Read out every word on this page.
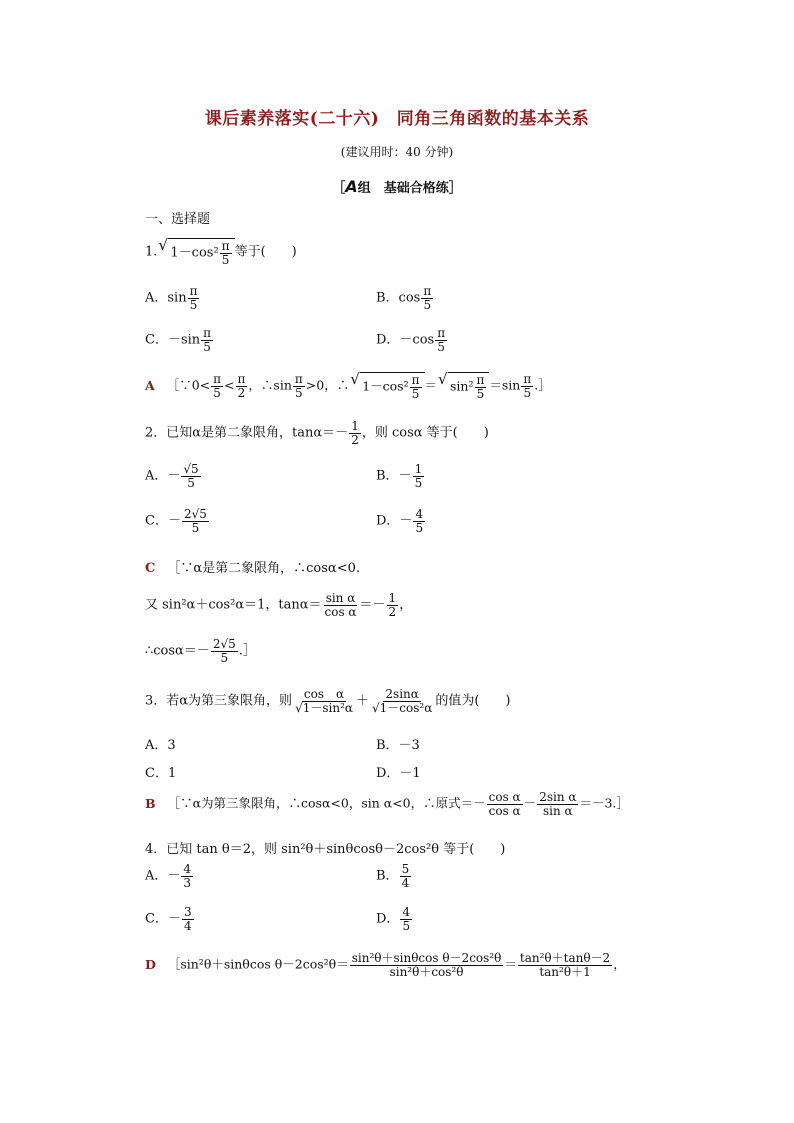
课后素养落实(二十六)　同角三角函数的基本关系
(建议用时：40 分钟)
［A组　基础合格练］
一、选择题
1. √ $1-\cos^2 \frac{\pi}{5}$ 等于(　　)
A．$\sin \frac{\pi}{5}$	B．$\cos \frac{\pi}{5}$
C．$-\sin \frac{\pi}{5}$	D．$-\cos \frac{\pi}{5}$
A ［∵0< $\frac{\pi}{5} < \frac{\pi}{2}$ ，∴sin $\frac{\pi}{5} >0$，∴ √ $1-\cos^2 \frac{\pi}{5}$ ＝ √ $\sin^2 \frac{\pi}{5} =\sin \frac{\pi}{5}$ .］
2．已知α是第二象限角，$\tan\alpha=- \frac{1}{2}$ ，则 cosα 等于(　　)
A．－ $\frac{√5}{5}$	B．－ $\frac{1}{5}$
C．－ $\frac{2√5}{5}$	D．－ $\frac{4}{5}$
C ［∵α是第二象限角，∴cosα<0.
又 sin²α＋cos²α＝1，$\tan\alpha= \frac{\text{sin α}}{\text{cos α}} =- \frac{1}{2}$ ，
∴cosα＝－ $\frac{2√5}{5}$ .］
3．若α为第三象限角，则 $\frac{\text{cos　α}}{\text{√1－sin²α}} + \frac{2\sin\alpha}{\text{√1－cos²α}}$ 的值为(　　)
A．3	B．－3
C．1	D．－1
B ［∵α为第三象限角，∴cosα<0，sin α<0，∴原式＝－ $\frac{\text{cos α}}{\text{cos α}} - \frac{\text{2sin α}}{\text{sin α}}$ ＝－3.］
4．已知 tan θ＝2，则 sin²θ＋sinθcosθ－2cos²θ 等于(　　)
A．－ $\frac{4}{3}$	B． $\frac{5}{4}$
C．－ $\frac{3}{4}$	D． $\frac{4}{5}$
D ［sin²θ＋sinθcos $\theta-2\cos^2\theta= \frac{\text{sin²θ＋sinθcos θ－2cos²θ}}{\text{sin²θ＋cos²θ}} = \frac{\text{tan²θ＋tanθ－2}}{\text{tan²θ＋1}}$ ，
